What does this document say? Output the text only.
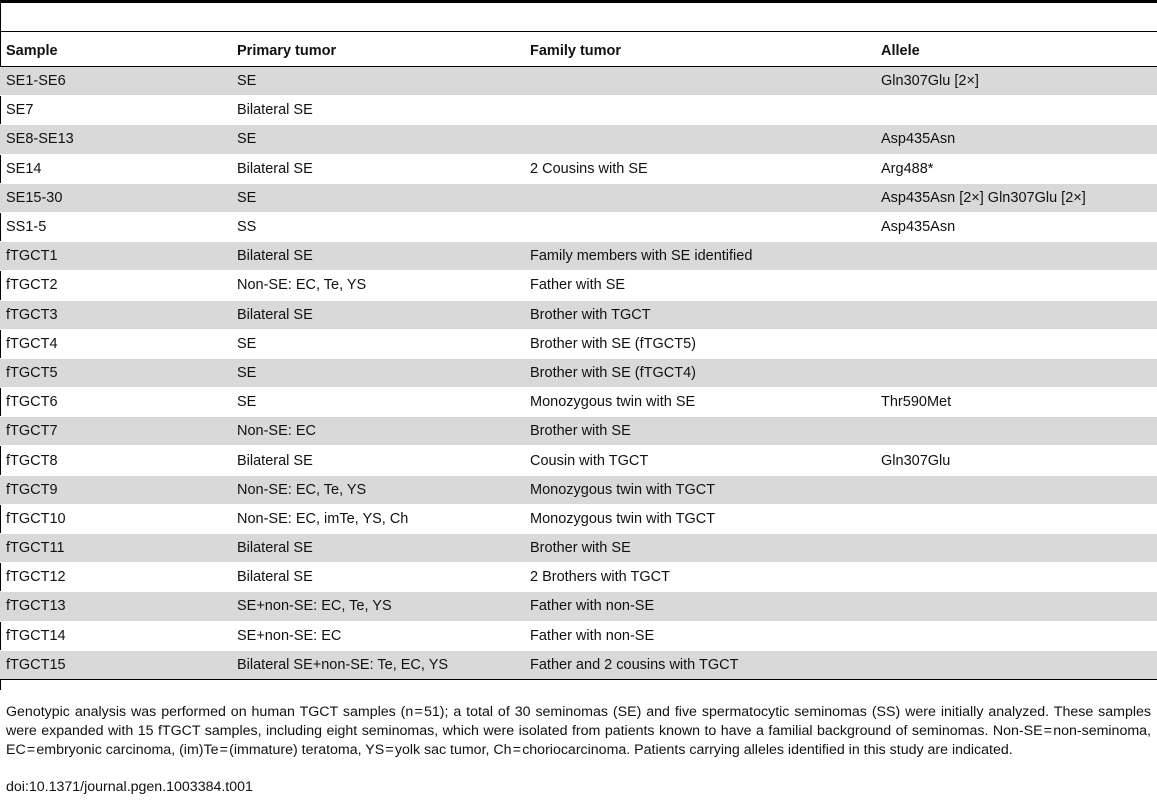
Sample	Primary tumor	Family tumor	Allele
SE1-SE6	SE		Gln307Glu [2×]
SE7	Bilateral SE		
SE8-SE13	SE		Asp435Asn
SE14	Bilateral SE	2 Cousins with SE	Arg488*
SE15-30	SE		Asp435Asn [2×] Gln307Glu [2×]
SS1-5	SS		Asp435Asn
fTGCT1	Bilateral SE	Family members with SE identified	
fTGCT2	Non-SE: EC, Te, YS	Father with SE	
fTGCT3	Bilateral SE	Brother with TGCT	
fTGCT4	SE	Brother with SE (fTGCT5)	
fTGCT5	SE	Brother with SE (fTGCT4)	
fTGCT6	SE	Monozygous twin with SE	Thr590Met
fTGCT7	Non-SE: EC	Brother with SE	
fTGCT8	Bilateral SE	Cousin with TGCT	Gln307Glu
fTGCT9	Non-SE: EC, Te, YS	Monozygous twin with TGCT	
fTGCT10	Non-SE: EC, imTe, YS, Ch	Monozygous twin with TGCT	
fTGCT11	Bilateral SE	Brother with SE	
fTGCT12	Bilateral SE	2 Brothers with TGCT	
fTGCT13	SE+non-SE: EC, Te, YS	Father with non-SE	
fTGCT14	SE+non-SE: EC	Father with non-SE	
fTGCT15	Bilateral SE+non-SE: Te, EC, YS	Father and 2 cousins with TGCT	
Genotypic analysis was performed on human TGCT samples (n = 51); a total of 30 seminomas (SE) and five spermatocytic seminomas (SS) were initially analyzed. These samples were expanded with 15 fTGCT samples, including eight seminomas, which were isolated from patients known to have a familial background of seminomas. Non-SE = non-seminoma, EC = embryonic carcinoma, (im)Te = (immature) teratoma, YS = yolk sac tumor, Ch = choriocarcinoma. Patients carrying alleles identified in this study are indicated.
doi:10.1371/journal.pgen.1003384.t001
